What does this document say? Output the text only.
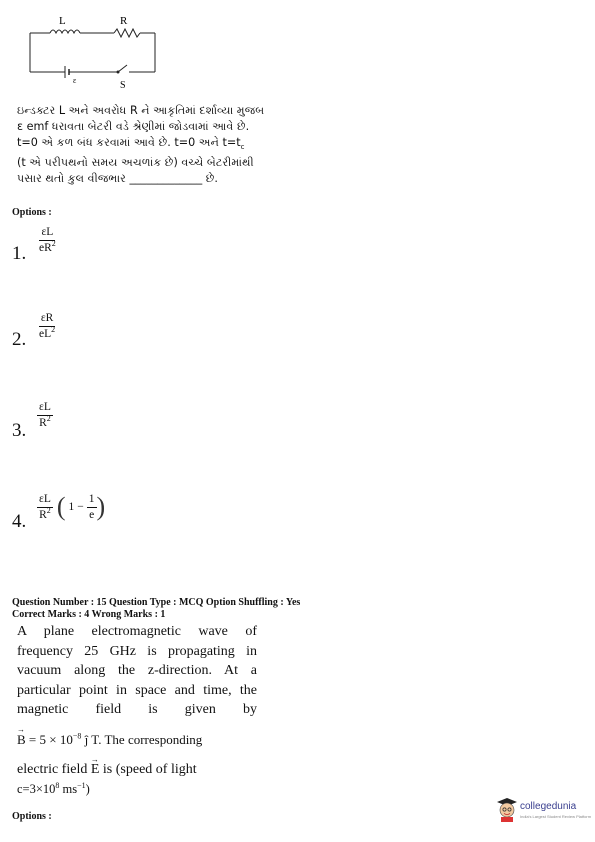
L	R
ε	S
ઇન્ડક્ટર L અને અવરોધ R ને આકૃતિમાં દર્શાવ્યા મુજબ
ε emf ધરાવતા બેટરી વડે શ્રેણીમાં જોડવામાં આવે છે.
t=0 એ કળ બંધ કરવામાં આવે છે. t=0 અને $t=t_c$
(t એ પરીપથનો સમય અચળાંક છે) વચ્ચે બેટરીમાંથી
પસાર થતો કુલ વીજભાર _____________ છે.
Options :
1. $\frac{\varepsilon L}{eR^2}$
2. $\frac{\varepsilon R}{eL^2}$
3.
$\frac{\varepsilon L}{R^2}$
4. $\frac{\varepsilon L}{R^2}$ ( $1 - \frac{1}{e}$ )
Question Number : 15 Question Type : MCQ Option Shuffling : Yes
Correct Marks : 4 Wrong Marks : 1

A plane electromagnetic wave of

frequency 25 GHz is propagating in

vacuum along the z-direction. At a

particular point in space and time, the

magnetic field is given by

→ $B = 5 \times 10^{-8}$ ĵ T. The corresponding

electric field → E is (speed of light

$c=3\times 10^8$ $ms^{-1}$)

Options :
collegedunia
India's Largest Student Review Platform
